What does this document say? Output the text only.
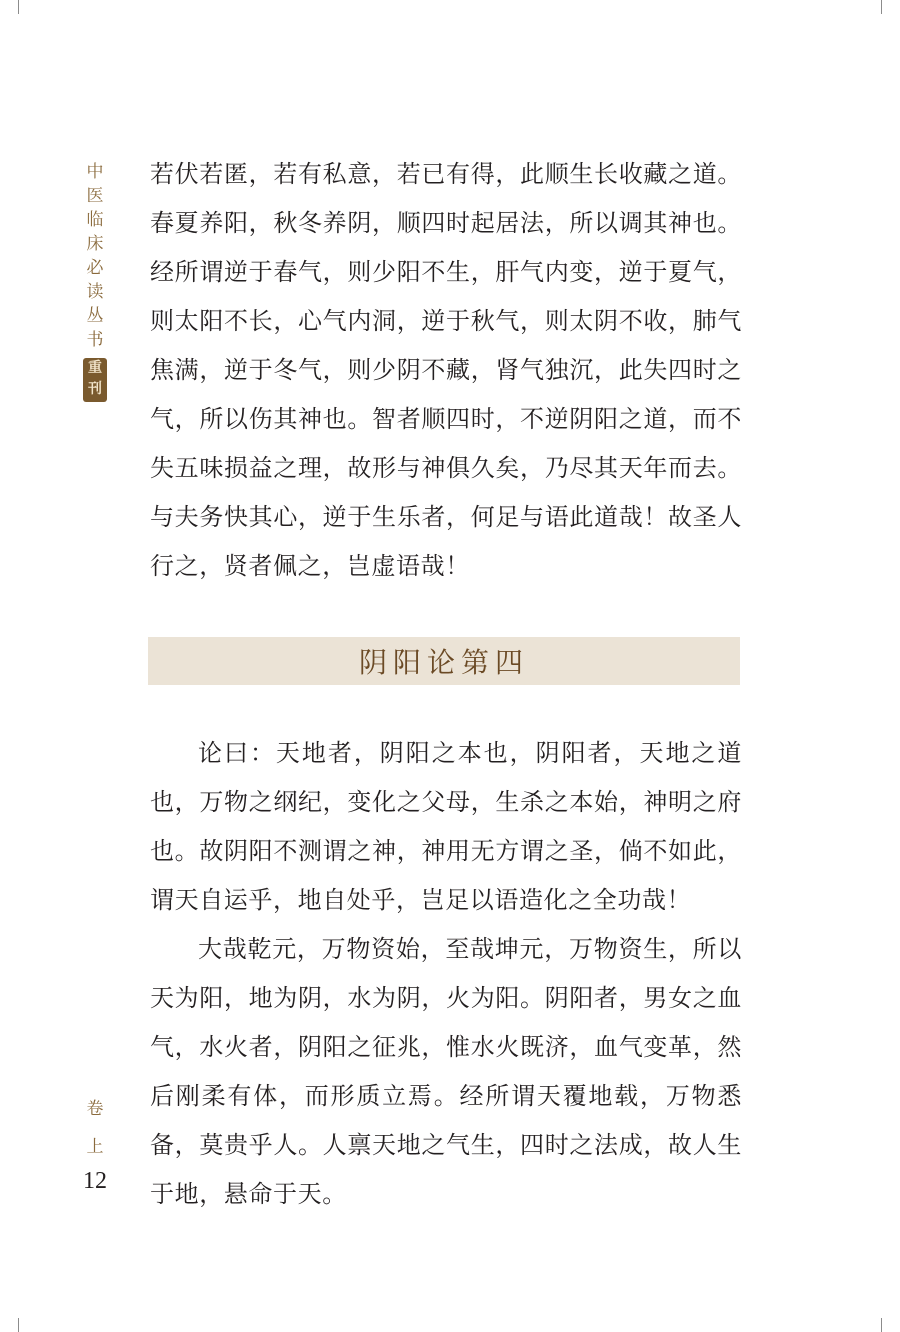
中
医
临
床
必
读
丛
书
重
刊
卷
上
12

若伏若匿，若有私意，若已有得，此顺生长收藏之道。春夏养阳，秋冬养阴，顺四时起居法，所以调其神也。经所谓逆于春气，则少阳不生，肝气内变，逆于夏气，则太阳不长，心气内洞，逆于秋气，则太阴不收，肺气焦满，逆于冬气，则少阴不藏，肾气独沉，此失四时之气，所以伤其神也。智者顺四时，不逆阴阳之道，而不失五味损益之理，故形与神俱久矣，乃尽其天年而去。与夫务快其心，逆于生乐者，何足与语此道哉！故圣人行之，贤者佩之，岂虚语哉！

阴阳论第四

论曰：天地者，阴阳之本也，阴阳者，天地之道也，万物之纲纪，变化之父母，生杀之本始，神明之府也。故阴阳不测谓之神，神用无方谓之圣，倘不如此，谓天自运乎，地自处乎，岂足以语造化之全功哉！

大哉乾元，万物资始，至哉坤元，万物资生，所以天为阳，地为阴，水为阴，火为阳。阴阳者，男女之血气，水火者，阴阳之征兆，惟水火既济，血气变革，然后刚柔有体，而形质立焉。经所谓天覆地载，万物悉备，莫贵乎人。人禀天地之气生，四时之法成，故人生于地，悬命于天。
